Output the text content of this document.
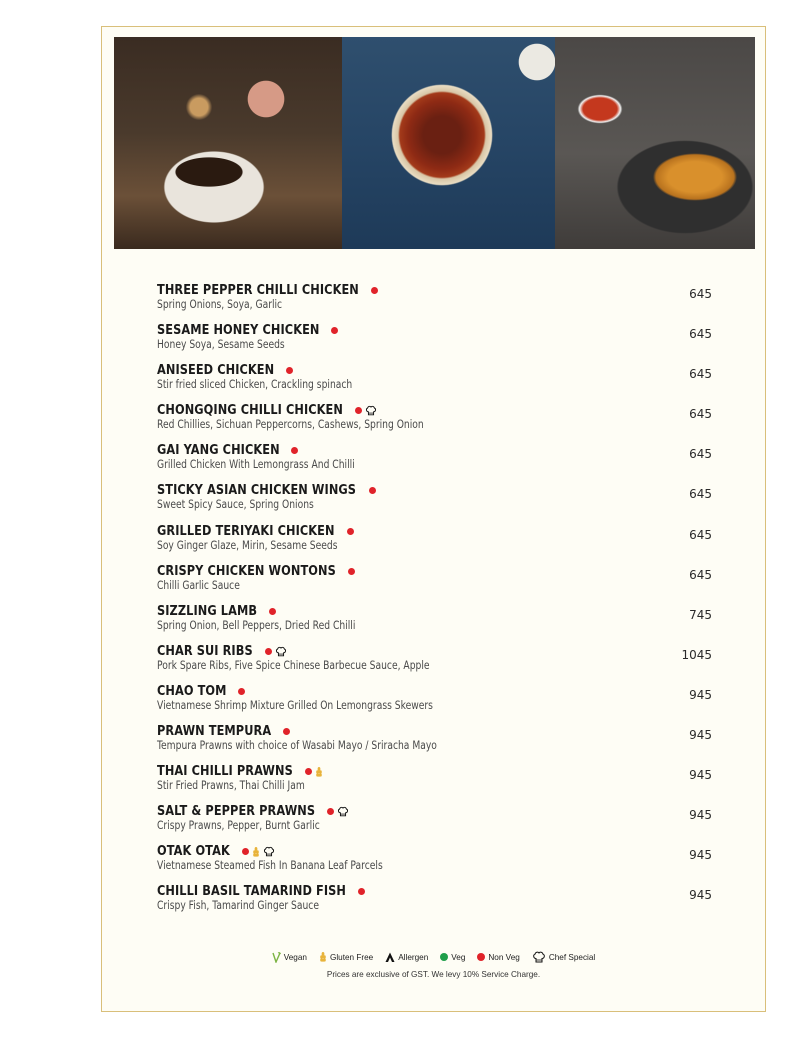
THREE PEPPER CHILLI CHICKEN
Spring Onions, Soya, Garlic
645
SESAME HONEY CHICKEN
Honey Soya, Sesame Seeds
645
ANISEED CHICKEN
Stir fried sliced Chicken, Crackling spinach
645
CHONGQING CHILLI CHICKEN
Red Chillies, Sichuan Peppercorns, Cashews, Spring Onion
645
GAI YANG CHICKEN
Grilled Chicken With Lemongrass And Chilli
645
STICKY ASIAN CHICKEN WINGS
Sweet Spicy Sauce, Spring Onions
645
GRILLED TERIYAKI CHICKEN
Soy Ginger Glaze, Mirin, Sesame Seeds
645
CRISPY CHICKEN WONTONS
Chilli Garlic Sauce
645
SIZZLING LAMB
Spring Onion, Bell Peppers, Dried Red Chilli
745
CHAR SUI RIBS
Pork Spare Ribs, Five Spice Chinese Barbecue Sauce, Apple
1045
CHAO TOM
Vietnamese Shrimp Mixture Grilled On Lemongrass Skewers
945
PRAWN TEMPURA
Tempura Prawns with choice of Wasabi Mayo / Sriracha Mayo
945
THAI CHILLI PRAWNS
Stir Fried Prawns, Thai Chilli Jam
945
SALT & PEPPER PRAWNS
Crispy Prawns, Pepper, Burnt Garlic
945
OTAK OTAK
Vietnamese Steamed Fish In Banana Leaf Parcels
945
CHILLI BASIL TAMARIND FISH
Crispy Fish, Tamarind Ginger Sauce
945
Vegan	Gluten Free	Allergen	Veg	Non Veg	Chef Special
Prices are exclusive of GST. We levy 10% Service Charge.
